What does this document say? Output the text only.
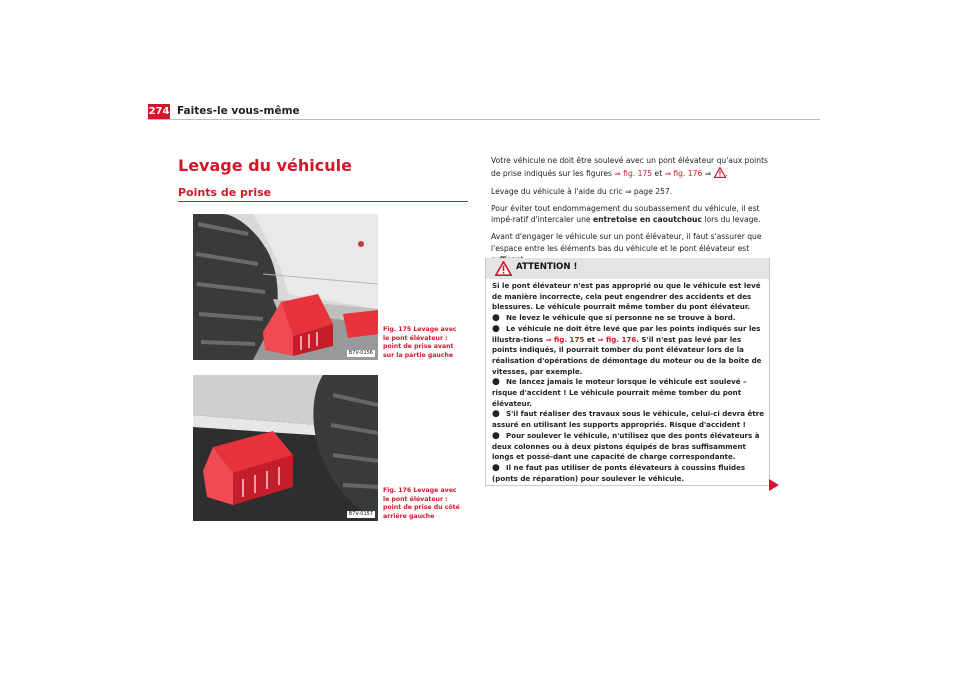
274 Faites-le vous-même
Levage du véhicule
Points de prise
B7V-0156
Fig. 175 Levage avec le pont élévateur : point de prise avant sur la partie gauche
B7V-0157
Fig. 176 Levage avec le pont élévateur : point de prise du côté arrière gauche

Votre véhicule ne doit être soulevé avec un pont élévateur qu'aux points de prise indiqués sur les figures ⇒ fig. 175 et ⇒ fig. 176 ⇒ .

Levage du véhicule à l'aide du cric ⇒ page 257.

Pour éviter tout endommagement du soubassement du véhicule, il est impé-ratif d'intercaler une entretoise en caoutchouc lors du levage.

Avant d'engager le véhicule sur un pont élévateur, il faut s'assurer que l'espace entre les éléments bas du véhicule et le pont élévateur est

ATTENTION !

Si le pont élévateur n'est pas approprié ou que le véhicule est levé de manière incorrecte, cela peut engendrer des accidents et des blessures. Le véhicule pourrait même tomber du pont élévateur.

● Ne levez le véhicule que si personne ne se trouve à bord.

● Le véhicule ne doit être levé que par les points indiqués sur les illustra-tions ⇒ fig. 175 et ⇒ fig. 176. S'il n'est pas levé par les points indiqués, il pourrait tomber du pont élévateur lors de la réalisation d'opérations de démontage du moteur ou de la boîte de vitesses, par exemple.

● Ne lancez jamais le moteur lorsque le véhicule est soulevé – risque d'accident ! Le véhicule pourrait même tomber du pont élévateur.

● S'il faut réaliser des travaux sous le véhicule, celui-ci devra être assuré en utilisant les supports appropriés. Risque d'accident !

● Pour soulever le véhicule, n'utilisez que des ponts élévateurs à deux colonnes ou à deux pistons équipés de bras suffisamment longs et possé-dant une capacité de charge correspondante.

● Il ne faut pas utiliser de ponts élévateurs à coussins fluides (ponts de réparation) pour soulever le véhicule.
